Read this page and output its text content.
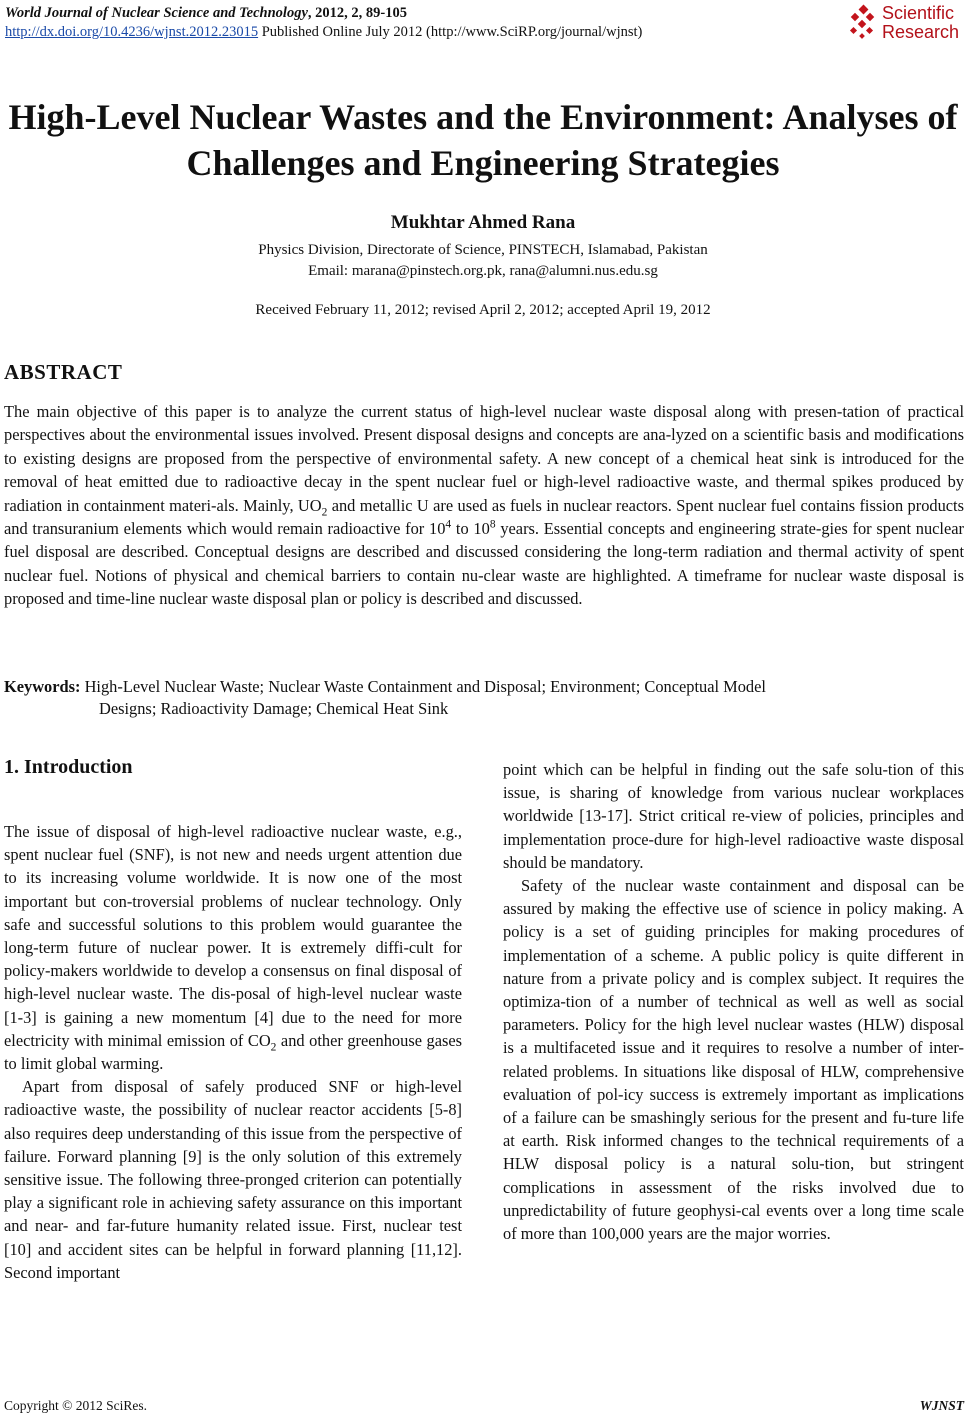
World Journal of Nuclear Science and Technology, 2012, 2, 89-105
http://dx.doi.org/10.4236/wjnst.2012.23015 Published Online July 2012 (http://www.SciRP.org/journal/wjnst)
Scientific
Research
High-Level Nuclear Wastes and the Environment: Analyses of Challenges and Engineering Strategies
Mukhtar Ahmed Rana
Physics Division, Directorate of Science, PINSTECH, Islamabad, Pakistan
Email: marana@pinstech.org.pk, rana@alumni.nus.edu.sg
Received February 11, 2012; revised April 2, 2012; accepted April 19, 2012
ABSTRACT
The main objective of this paper is to analyze the current status of high-level nuclear waste disposal along with presen-tation of practical perspectives about the environmental issues involved. Present disposal designs and concepts are ana-lyzed on a scientific basis and modifications to existing designs are proposed from the perspective of environmental safety. A new concept of a chemical heat sink is introduced for the removal of heat emitted due to radioactive decay in the spent nuclear fuel or high-level radioactive waste, and thermal spikes produced by radiation in containment materi-als. Mainly, $UO_2$ and metallic U are used as fuels in nuclear reactors. Spent nuclear fuel contains fission products and transuranium elements which would remain radioactive for $10^4$ to $10^8$ years. Essential concepts and engineering strate-gies for spent nuclear fuel disposal are described. Conceptual designs are described and discussed considering the long-term radiation and thermal activity of spent nuclear fuel. Notions of physical and chemical barriers to contain nu-clear waste are highlighted. A timeframe for nuclear waste disposal is proposed and time-line nuclear waste disposal plan or policy is described and discussed.
Keywords: High-Level Nuclear Waste; Nuclear Waste Containment and Disposal; Environment; Conceptual Model
Designs; Radioactivity Damage; Chemical Heat Sink
1. Introduction

The issue of disposal of high-level radioactive nuclear waste, e.g., spent nuclear fuel (SNF), is not new and needs urgent attention due to its increasing volume worldwide. It is now one of the most important but con-troversial problems of nuclear technology. Only safe and successful solutions to this problem would guarantee the long-term future of nuclear power. It is extremely diffi-cult for policy-makers worldwide to develop a consensus on final disposal of high-level nuclear waste. The dis-posal of high-level nuclear waste [1-3] is gaining a new momentum [4] due to the need for more electricity with minimal emission of $CO_2$ and other greenhouse gases to limit global warming.

Apart from disposal of safely produced SNF or high-level radioactive waste, the possibility of nuclear reactor accidents [5-8] also requires deep understanding of this issue from the perspective of failure. Forward planning [9] is the only solution of this extremely sensitive issue. The following three-pronged criterion can potentially play a significant role in achieving safety assurance on this important and near- and far-future humanity related issue. First, nuclear test [10] and accident sites can be helpful in forward planning [11,12]. Second important

point which can be helpful in finding out the safe solu-tion of this issue, is sharing of knowledge from various nuclear workplaces worldwide [13-17]. Strict critical re-view of policies, principles and implementation proce-dure for high-level radioactive waste disposal should be mandatory.

Safety of the nuclear waste containment and disposal can be assured by making the effective use of science in policy making. A policy is a set of guiding principles for making procedures of implementation of a scheme. A public policy is quite different in nature from a private policy and is complex subject. It requires the optimiza-tion of a number of technical as well as well as social parameters. Policy for the high level nuclear wastes (HLW) disposal is a multifaceted issue and it requires to resolve a number of inter-related problems. In situations like disposal of HLW, comprehensive evaluation of pol-icy success is extremely important as implications of a failure can be smashingly serious for the present and fu-ture life at earth. Risk informed changes to the technical requirements of a HLW disposal policy is a natural solu-tion, but stringent complications in assessment of the risks involved due to unpredictability of future geophysi-cal events over a long time scale of more than 100,000 years are the major worries.

Copyright © 2012 SciRes.	WJNST
